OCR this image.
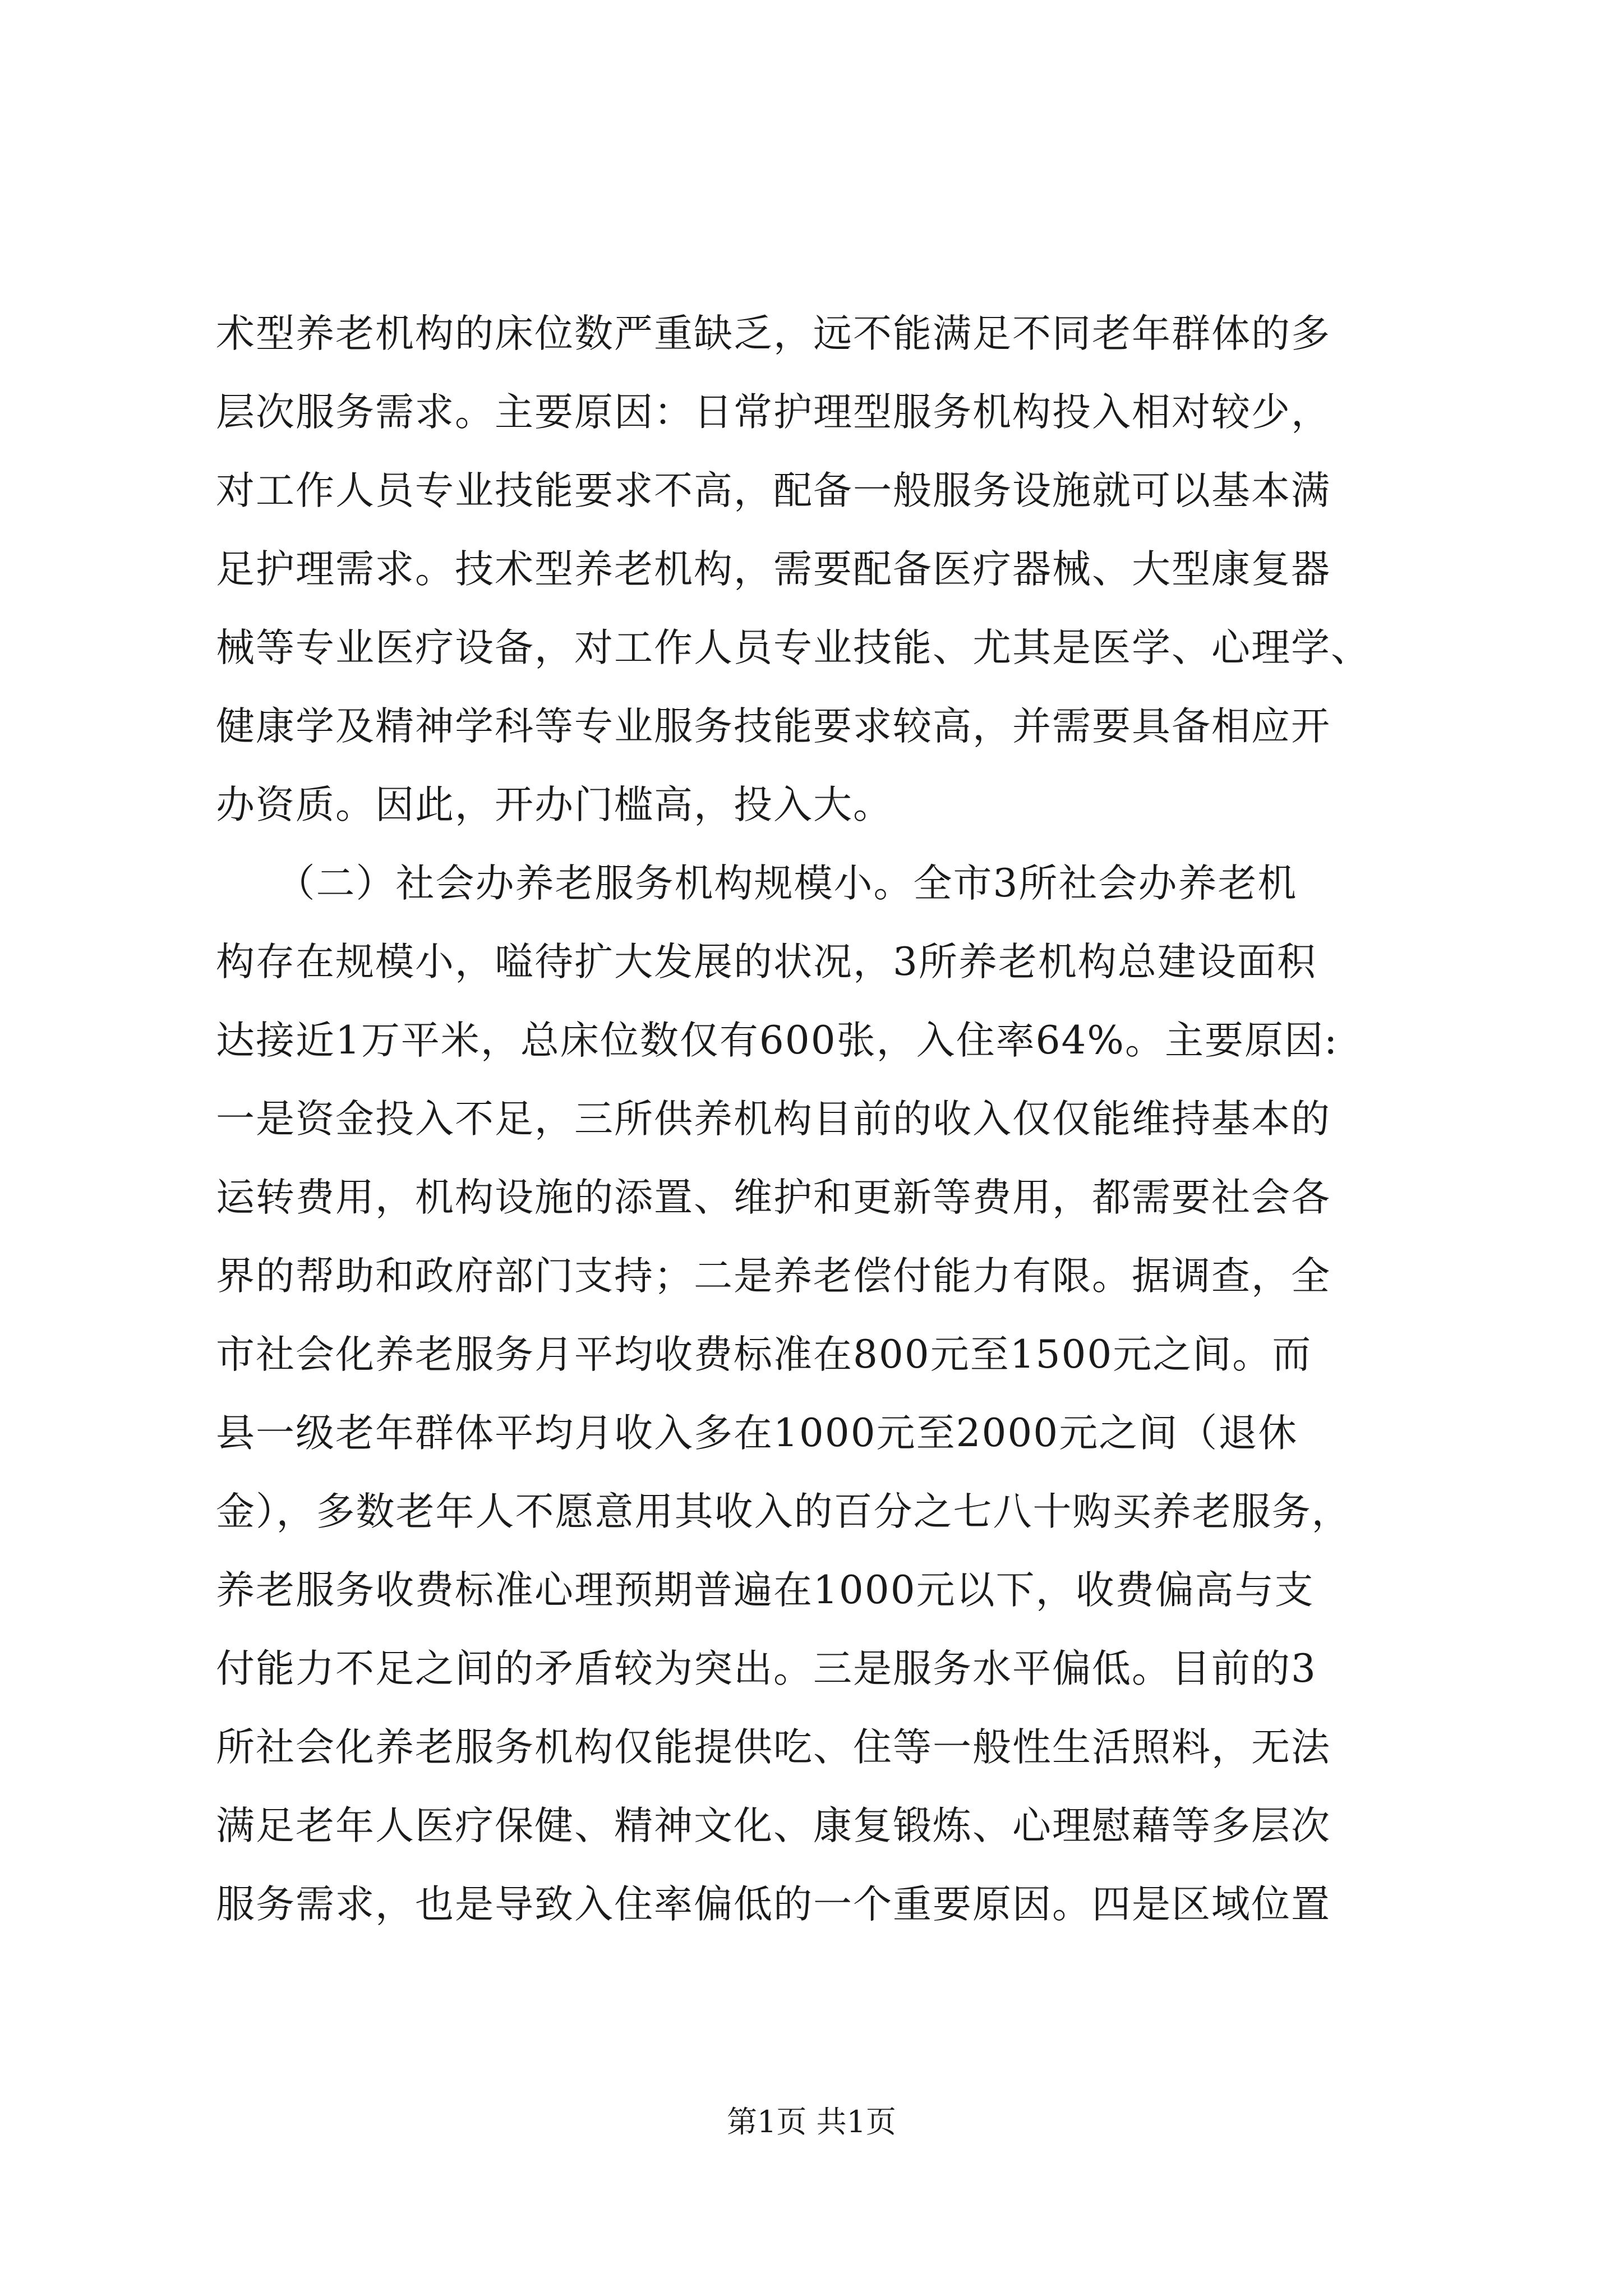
术型养老机构的床位数严重缺乏，远不能满足不同老年群体的多
层次服务需求。主要原因：日常护理型服务机构投入相对较少，
对工作人员专业技能要求不高，配备一般服务设施就可以基本满
足护理需求。技术型养老机构，需要配备医疗器械、大型康复器
械等专业医疗设备，对工作人员专业技能、尤其是医学、心理学、
健康学及精神学科等专业服务技能要求较高，并需要具备相应开
办资质。因此，开办门槛高，投入大。
　　（二）社会办养老服务机构规模小。全市3所社会办养老机
构存在规模小，嗌待扩大发展的状况，3所养老机构总建设面积
达接近1万平米，总床位数仅有600张，入住率64%。主要原因:
一是资金投入不足，三所供养机构目前的收入仅仅能维持基本的
运转费用，机构设施的添置、维护和更新等费用，都需要社会各
界的帮助和政府部门支持；二是养老偿付能力有限。据调查，全
市社会化养老服务月平均收费标准在800元至1500元之间。而
县一级老年群体平均月收入多在1000元至2000元之间（退休
金），多数老年人不愿意用其收入的百分之七八十购买养老服务，
养老服务收费标准心理预期普遍在1000元以下，收费偏高与支
付能力不足之间的矛盾较为突出。三是服务水平偏低。目前的3
所社会化养老服务机构仅能提供吃、住等一般性生活照料，无法
满足老年人医疗保健、精神文化、康复锻炼、心理慰藉等多层次
服务需求，也是导致入住率偏低的一个重要原因。四是区域位置
第1页 共1页
